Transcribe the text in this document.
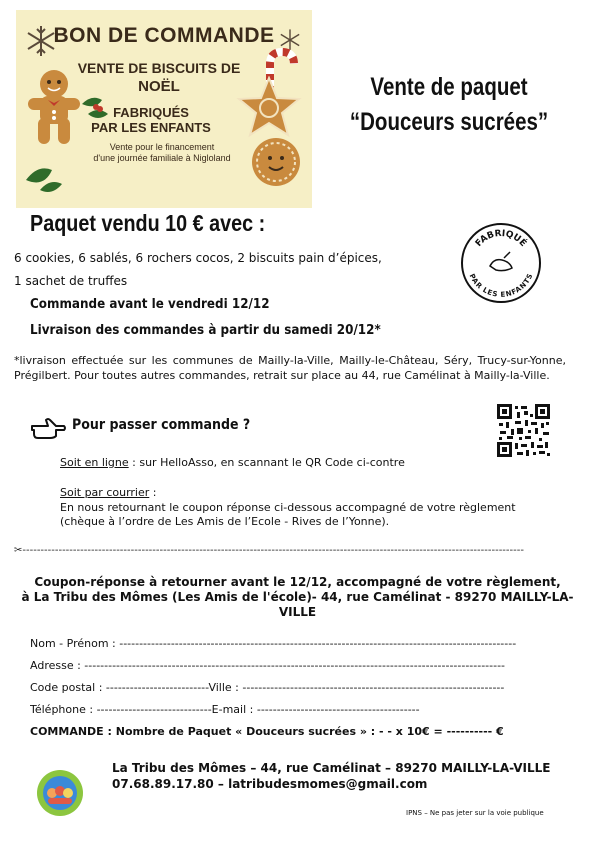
BON DE COMMANDE
VENTE DE BISCUITS DE
NOËL
FABRIQUÉS
PAR LES ENFANTS
Vente pour le financement
d'une journée familiale à Nigloland
Vente de paquet
“Douceurs sucrées”
Paquet vendu 10 € avec :
6 cookies, 6 sablés, 6 rochers cocos, 2 biscuits pain d’épices,
1 sachet de truffes
FABRIQUÉ
PAR LES ENFANTS
Commande avant le vendredi 12/12
Livraison des commandes à partir du samedi 20/12*
*livraison effectuée sur les communes de Mailly-la-Ville, Mailly-le-Château, Séry, Trucy-sur-Yonne, Prégilbert. Pour toutes autres commandes, retrait sur place au 44, rue Camélinat à Mailly-la-Ville.
Pour passer commande ?
Soit en ligne : sur HelloAsso, en scannant le QR Code ci-contre
Soit par courrier :
En nous retournant le coupon réponse ci-dessous accompagné de votre règlement (chèque à l’ordre de Les Amis de l’Ecole - Rives de l’Yonne).
✂-------------------------------------------------------------------------------------------------------------------------------------------
Coupon-réponse à retourner avant le 12/12, accompagné de votre règlement,
à La Tribu des Mômes (Les Amis de l'école)- 44, rue Camélinat - 89270 MAILLY-LA-VILLE
Nom - Prénom : ----------------------------------------------------------------------------------------------------
Adresse : ----------------------------------------------------------------------------------------------------------
Code postal : --------------------------Ville : ------------------------------------------------------------------
Téléphone : -----------------------------E-mail : -----------------------------------------
COMMANDE : Nombre de Paquet « Douceurs sucrées » : - - x 10€ = ---------- €
La Tribu des Mômes – 44, rue Camélinat – 89270 MAILLY-LA-VILLE
07.68.89.17.80 – latribudesmomes@gmail.com
IPNS – Ne pas jeter sur la voie publique
